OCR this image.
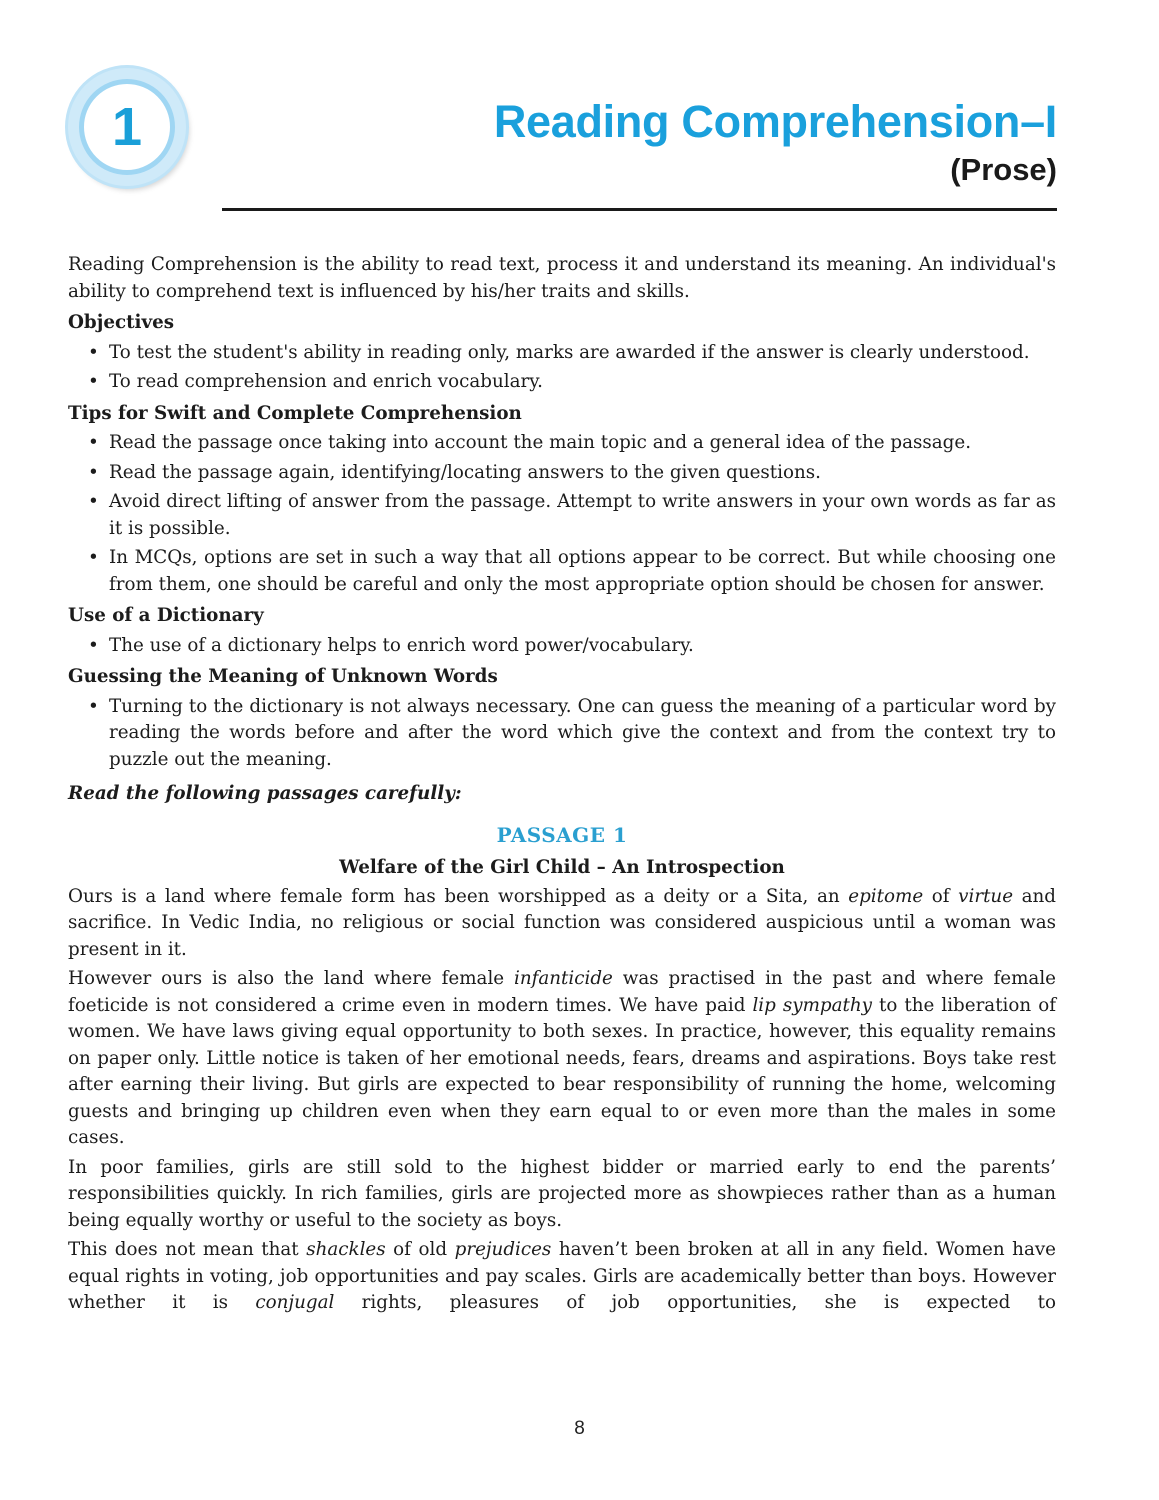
1	Reading Comprehension–I
(Prose)

Reading Comprehension is the ability to read text, process it and understand its meaning. An individual's ability to comprehend text is influenced by his/her traits and skills.

Objectives
• To test the student's ability in reading only, marks are awarded if the answer is clearly understood.
• To read comprehension and enrich vocabulary.
Tips for Swift and Complete Comprehension
• Read the passage once taking into account the main topic and a general idea of the passage.
• Read the passage again, identifying/locating answers to the given questions.
• Avoid direct lifting of answer from the passage. Attempt to write answers in your own words as far as it is possible.
• In MCQs, options are set in such a way that all options appear to be correct. But while choosing one from them, one should be careful and only the most appropriate option should be chosen for answer.
Use of a Dictionary
• The use of a dictionary helps to enrich word power/vocabulary.
Guessing the Meaning of Unknown Words
• Turning to the dictionary is not always necessary. One can guess the meaning of a particular word by reading the words before and after the word which give the context and from the context try to puzzle out the meaning.

Read the following passages carefully:

PASSAGE 1
Welfare of the Girl Child – An Introspection

Ours is a land where female form has been worshipped as a deity or a Sita, an epitome of virtue and sacrifice. In Vedic India, no religious or social function was considered auspicious until a woman was present in it.

However ours is also the land where female infanticide was practised in the past and where female foeticide is not considered a crime even in modern times. We have paid lip sympathy to the liberation of women. We have laws giving equal opportunity to both sexes. In practice, however, this equality remains on paper only. Little notice is taken of her emotional needs, fears, dreams and aspirations. Boys take rest after earning their living. But girls are expected to bear responsibility of running the home, welcoming guests and bringing up children even when they earn equal to or even more than the males in some cases.

In poor families, girls are still sold to the highest bidder or married early to end the parents’ responsibilities quickly. In rich families, girls are projected more as showpieces rather than as a human being equally worthy or useful to the society as boys.

This does not mean that shackles of old prejudices haven’t been broken at all in any field. Women have equal rights in voting, job opportunities and pay scales. Girls are academically better than boys. However whether it is conjugal rights, pleasures of job opportunities, she is expected to

8
